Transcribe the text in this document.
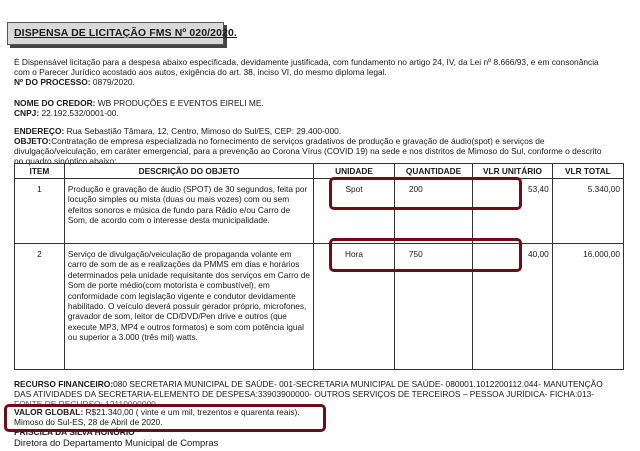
DISPENSA DE LICITAÇÃO FMS Nº 020/2020.
É Dispensável licitação para a despesa abaixo especificada, devidamente justificada, com fundamento no artigo 24, IV, da Lei nº 8.666/93, e em consonância
com o Parecer Jurídico acostado aos autos, exigência do art. 38, inciso VI, do mesmo diploma legal.
Nº DO PROCESSO: 0879/2020.
NOME DO CREDOR: WB PRODUÇÕES E EVENTOS EIRELI ME.
CNPJ: 22.192.532/0001-00.
ENDEREÇO: Rua Sebastião Tâmara, 12, Centro, Mimoso do Sul/ES, CEP: 29.400-000.
OBJETO:Contratação de empresa especializada no fornecimento de serviços gradativos de produção e gravação de áudio(spot) e serviços de
divulgação/veiculação, em caráter emergencial, para a prevenção ao Corona Vírus (COVID 19) na sede e nos distritos de Mimoso do Sul, conforme o descrito
no quadro sinóptico abaixo:
ITEM	DESCRIÇÃO DO OBJETO	UNIDADE	QUANTIDADE	VLR UNITÁRIO	VLR TOTAL
1	Produção e gravação de áudio (SPOT) de 30 segundos, feita por locução simples ou mista (duas ou mais vozes) com ou sem efeitos sonoros e música de fundo para Rádio e/ou Carro de Som, de acordo com o interesse desta municipalidade.	Spot	200	53,40	5.340,00
2	Serviço de divulgação/veiculação de propaganda volante em carro de som de as e realizações da PMMS em dias e horários determinados pela unidade requisitante dos serviços em Carro de Som de porte médio(com motorista e combustível), em conformidade com legislação vigente e condutor devidamente habilitado. O veículo deverá possuir gerador próprio, microfones, gravador de som, leitor de CD/DVD/Pen drive e outros (que execute MP3, MP4 e outros formatos) e som com potência igual ou superior a 3.000 (três mil) watts.	Hora	750	40,00	16.000,00
RECURSO FINANCEIRO:080 SECRETARIA MUNICIPAL DE SAÚDE- 001-SECRETARIA MUNICIPAL DE SAÚDE- 080001.1012200112.044- MANUTENÇÃO
DAS ATIVIDADES DA SECRETARIA-ELEMENTO DE DESPESA:33903900000- OUTROS SERVIÇOS DE TERCEIROS – PESSOA JURÍDICA- FICHA:013-
FONTE DE RECURSO: 12110000000.
VALOR GLOBAL: R$21.340,00 ( vinte e um mil, trezentos e quarenta reais).
Mimoso do Sul-ES, 28 de Abril de 2020.
PRISCILA DA SILVA HONÓRIO
Diretora do Departamento Municipal de Compras
